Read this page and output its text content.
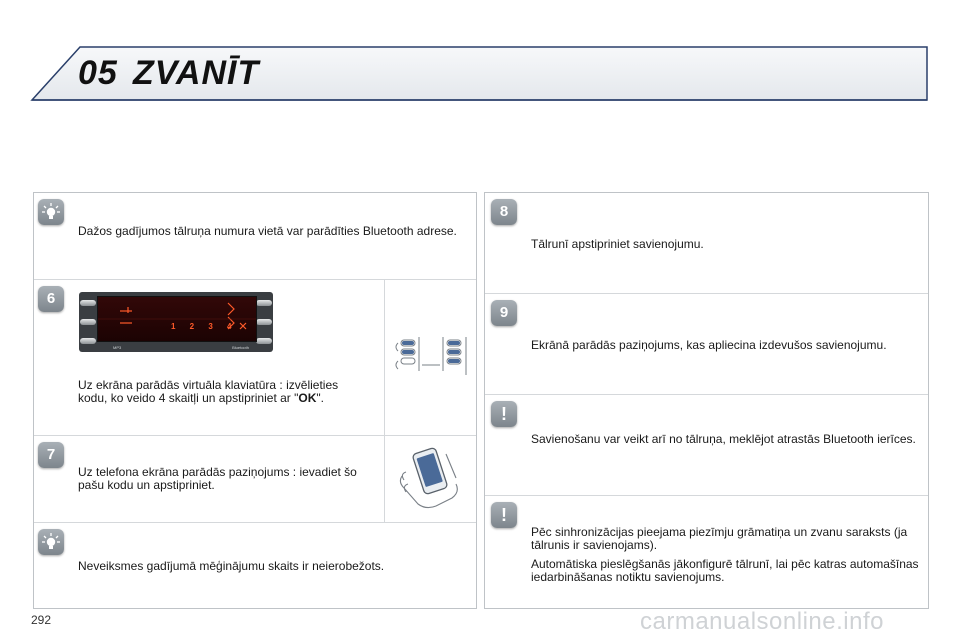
05 ZVANĪT
Dažos gadījumos tālruņa numura vietā var parādīties Bluetooth adrese.
6
Uz ekrāna parādās virtuāla klaviatūra : izvēlieties kodu, ko veido 4 skaitļi un apstipriniet ar "OK".
7
Uz telefona ekrāna parādās paziņojums : ievadiet šo pašu kodu un apstipriniet.
Neveiksmes gadījumā mēģinājumu skaits ir neierobežots.
1 2 3 4
MP3	Bluetooth
8
Tālrunī apstipriniet savienojumu.
9
Ekrānā parādās paziņojums, kas apliecina izdevušos savienojumu.
!
Savienošanu var veikt arī no tālruņa, meklējot atrastās Bluetooth ierīces.
!

Pēc sinhronizācijas pieejama piezīmju grāmatiņa un zvanu saraksts (ja tālrunis ir savienojams).

Automātiska pieslēgšanās jākonfigurē tālrunī, lai pēc katras automašīnas iedarbināšanas notiktu savienojums.

292	carmanualsonline.info
